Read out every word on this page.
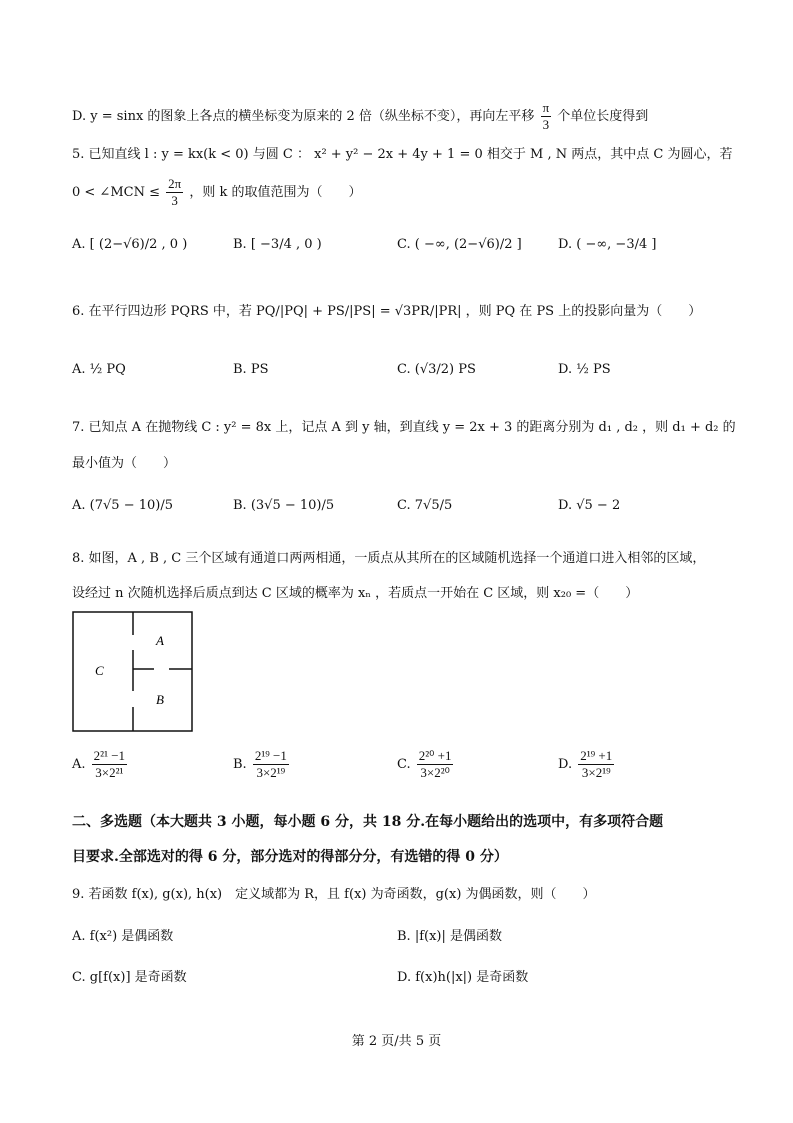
D. y = sinx 的图象上各点的横坐标变为原来的 2 倍（纵坐标不变），再向左平移 $\frac{\pi}{3}$ 个单位长度得到
5. 已知直线 l : y = kx(k < 0) 与圆 C ： x² + y² − 2x + 4y + 1 = 0 相交于 M , N 两点，其中点 C 为圆心，若
0 < ∠MCN ≤ $\frac{2\pi}{3}$ ，则 k 的取值范围为（　　）
A. [ (2−√6)/2 , 0 )	B. [ −3/4 , 0 )	C. ( −∞, (2−√6)/2 ]	D. ( −∞, −3/4 ]
6. 在平行四边形 PQRS 中，若 PQ/|PQ| + PS/|PS| = √3PR/|PR| ，则 PQ 在 PS 上的投影向量为（　　）
A. ½ PQ	B. PS	C. (√3/2) PS	D. ½ PS
7. 已知点 A 在抛物线 C : y² = 8x 上，记点 A 到 y 轴，到直线 y = 2x + 3 的距离分别为 d₁ , d₂ ，则 d₁ + d₂ 的
最小值为（　　）
A. (7√5 − 10)/5	B. (3√5 − 10)/5	C. 7√5/5	D. √5 − 2
8. 如图，A , B , C 三个区域有通道口两两相通，一质点从其所在的区域随机选择一个通道口进入相邻的区域，
设经过 n 次随机选择后质点到达 C 区域的概率为 xₙ ，若质点一开始在 C 区域，则 x₂₀ =（　　）
A
B
C
A. $\frac{\text{2²¹ −1}}{\text{3×2²¹}}$	B. $\frac{\text{2¹⁹ −1}}{\text{3×2¹⁹}}$	C. $\frac{\text{2²⁰ +1}}{\text{3×2²⁰}}$	D. $\frac{\text{2¹⁹ +1}}{\text{3×2¹⁹}}$
二、多选题（本大题共 3 小题，每小题 6 分，共 18 分.在每小题给出的选项中，有多项符合题
目要求.全部选对的得 6 分，部分选对的得部分分，有选错的得 0 分）
9. 若函数 f(x), g(x), h(x)　定义域都为 R，且 f(x) 为奇函数，g(x) 为偶函数，则（　　）
A. f(x²) 是偶函数	B. |f(x)| 是偶函数
C. g[f(x)] 是奇函数	D. f(x)h(|x|) 是奇函数
第 2 页/共 5 页
